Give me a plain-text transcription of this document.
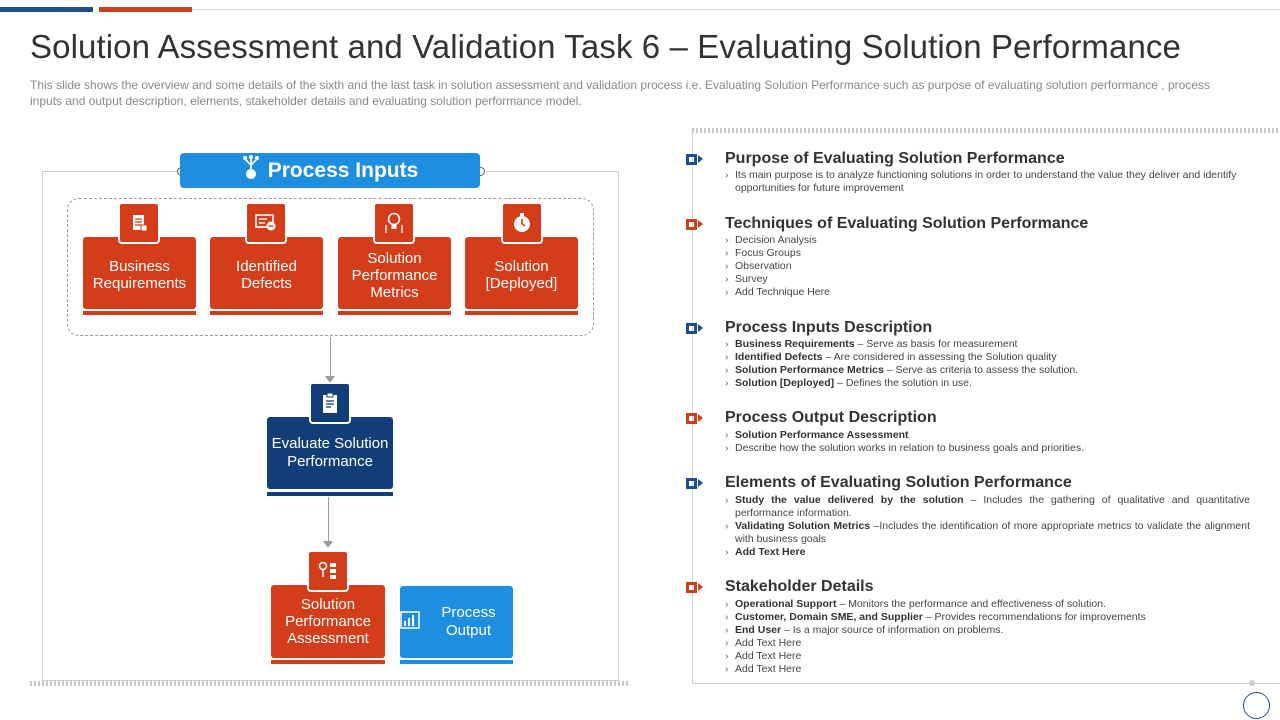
Solution Assessment and Validation Task 6 – Evaluating Solution Performance

This slide shows the overview and some details of the sixth and the last task in solution assessment and validation process i.e. Evaluating Solution Performance such as purpose of evaluating solution performance , process inputs and output description, elements, stakeholder details and evaluating solution performance model.

Process Inputs
Business Requirements
Identified Defects
Solution Performance Metrics
Solution [Deployed]
Evaluate Solution Performance
Solution Performance Assessment
Process Output
Purpose of Evaluating Solution Performance
› Its main purpose is to analyze functioning solutions in order to understand the value they deliver and identify opportunities for future improvement
Techniques of Evaluating Solution Performance
› Decision Analysis
› Focus Groups
› Observation
› Survey
› Add Technique Here
Process Inputs Description
› Business Requirements – Serve as basis for measurement
› Identified Defects – Are considered in assessing the Solution quality
› Solution Performance Metrics – Serve as criteria to assess the solution.
› Solution [Deployed] – Defines the solution in use.
Process Output Description
› Solution Performance Assessment
› Describe how the solution works in relation to business goals and priorities.
Elements of Evaluating Solution Performance
› Study the value delivered by the solution – Includes the gathering of qualitative and quantitative performance information.
› Validating Solution Metrics –Includes the identification of more appropriate metrics to validate the alignment with business goals
› Add Text Here
Stakeholder Details
› Operational Support – Monitors the performance and effectiveness of solution.
› Customer, Domain SME, and Supplier – Provides recommendations for improvements
› End User – Is a major source of information on problems.
› Add Text Here
› Add Text Here
› Add Text Here
